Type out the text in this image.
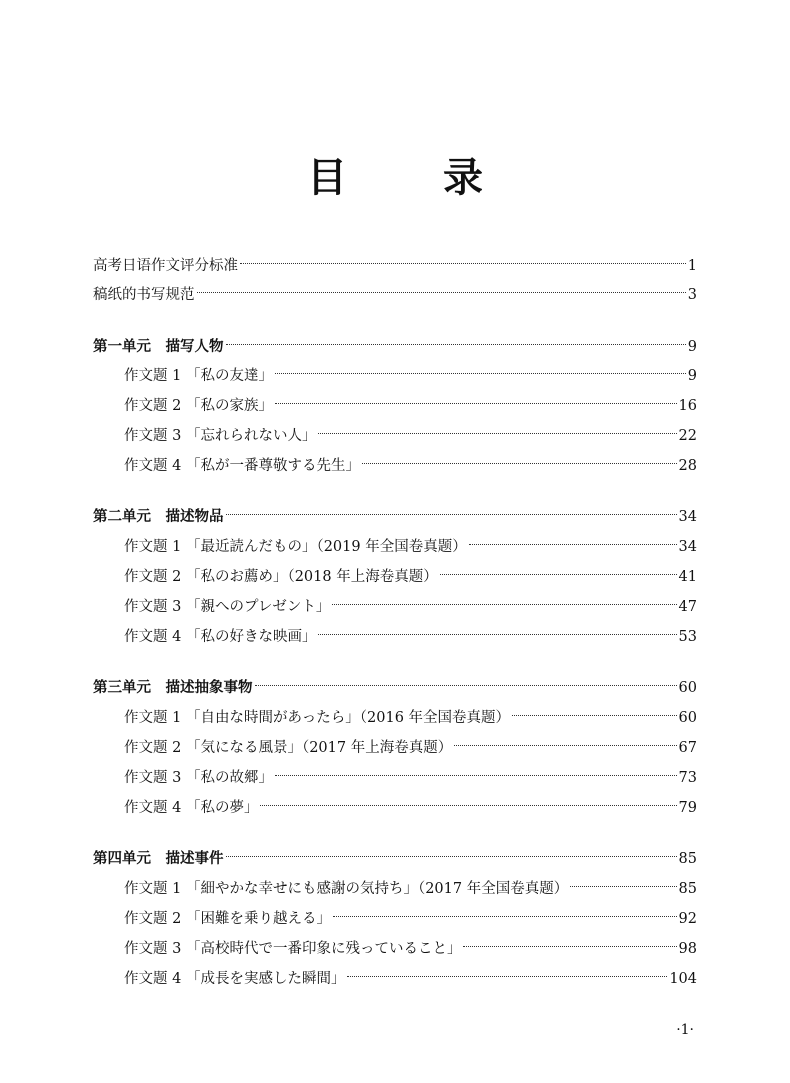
目　录
高考日语作文评分标准	1
稿纸的书写规范	3
第一单元　描写人物	9
作文题 1 「私の友達」	9
作文题 2 「私の家族」	16
作文题 3 「忘れられない人」	22
作文题 4 「私が一番尊敬する先生」	28
第二单元　描述物品	34
作文题 1 「最近読んだもの」（2019 年全国卷真题）	34
作文题 2 「私のお薦め」（2018 年上海卷真题）	41
作文题 3 「親へのプレゼント」	47
作文题 4 「私の好きな映画」	53
第三单元　描述抽象事物	60
作文题 1 「自由な時間があったら」（2016 年全国卷真题）	60
作文题 2 「気になる風景」（2017 年上海卷真题）	67
作文题 3 「私の故郷」	73
作文题 4 「私の夢」	79
第四单元　描述事件	85
作文题 1 「細やかな幸せにも感謝の気持ち」（2017 年全国卷真题）	85
作文题 2 「困難を乗り越える」	92
作文题 3 「高校時代で一番印象に残っていること」	98
作文题 4 「成長を実感した瞬間」	104
·1·
